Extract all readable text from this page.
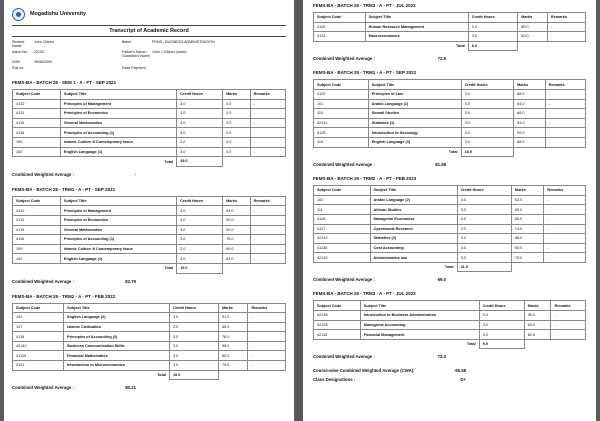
Mogadishu University
Transcript of Academic Record
Student Name
John Citizen	Batch	FEMS - BUSINESS ADMINISTRATION
Admn No.	22130	Father's Name / Guardian's Name
John J Citizen (uncle)
DOB	30/06/2000
Roll no.	Extra Payment
FEMS-BA - BATCH 25 - SEM 1 - A - FT - SEP 2021
Subject Code	Subject Title	Credit Hours	Marks	Remarks
4132	Principles of Management	3.0	0.0	-
4131	Principles of Economics	3.0	0.0	-
4115	General Mathematics	3.0	0.0	-
4116	Principles of Accounting (1)	3.0	0.0	-
105	Islamic Culture & Contemporary Issue	2.0	0.0	-
102	English Language (1)	3.0	0.0	-
	Total	19.0		
Combined Weighted Average :	-
FEMS-BA - BATCH 25 - TRM1 - A - PT - SEP 2021
Subject Code	Subject Title	Credit Hours	Marks	Remarks
4132	Principles of Management	3.0	94.0	-
4131	Principles of Economics	3.0	90.0	-
4115	General Mathematics	3.0	92.0	-
4116	Principles of Accounting (1)	3.0	76.0	-
105	Islamic Culture & Contemporary Issue	2.0	60.0	-
102	English Language (1)	3.0	83.0	-
	Total	19.0		
Combined Weighted Average :	82.79
FEMS-BA - BATCH 25 - TRM2 - A - PT - FEB 2022
Subject Code	Subject Title	Credit Hours	Marks	Remarks
104	English Language (2)	3.0	91.0	-
107	Islamic Civilization	2.0	65.0	-
4118	Principles of Accounting (2)	3.0	78.0	-
42140	Business Communication Skills	3.0	98.0	-
41129	Financial Mathematics	3.0	60.0	-
4121	Introduction to Microeconomics	3.0	79.0	-
	Total	19.0		
Combined Weighted Average :	80.21
FEMS-BA - BATCH 25 - TRM3 - A - PT - JUL 2022
Subject Code	Subject Title	Credit Hours	Marks	Remarks
4126	Human Resource Management	3.0	85.0	-
4124	Macroeconomics	3.0	60.0	-
	Total	6.0		
Combined Weighted Average :	72.5
FEMS-BA - BATCH 25 - TRM1 - A - PT - SEP 2022
Subject Code	Subject Title	Credit Hours	Marks	Remarks
4122	Principles of Law	3.0	88.0	-
101	Arabic Language (1)	3.0	84.0	-
110	Somali Studies	3.0	88.0	-
42141	Statistics (1)	3.0	54.0	-
4125	Introduction to Sociology	3.0	92.0	-
115	English Language (3)	3.0	88.0	-
	Total	18.0		
Combined Weighted Average :	81.58
FEMS-BA - BATCH 25 - TRM2 - A - PT - FEB 2023
Subject Code	Subject Title	Credit Hours	Marks	Remarks
102	Arabic Language (2)	3.0	63.0	-
111	African Studies	3.0	80.0	-
4128	Managerial Economics	3.0	80.0	-
4127	Operational Research	3.0	74.0	-
42142	Statistics (2)	3.0	88.0	-
41138	Cost Accounting	3.0	60.0	-
42132	Administrative law	3.0	75.0	-
	Total	21.0		
Combined Weighted Average :	69.0
FEMS-BA - BATCH 25 - TRM3 - A - PT - JUL 2023
Subject Code	Subject Title	Credit Hours	Marks	Remarks
42135	Introduction to Business Administration	3.0	96.0	-
42128	Managerial Accounting	3.0	63.0	-
42110	Financial Management	3.0	60.0	-
	Total	9.0		
Combined Weighted Average :	73.0
Course-wise Combined Weighted Average (CWA):	65.58
Class Designations :	D+
